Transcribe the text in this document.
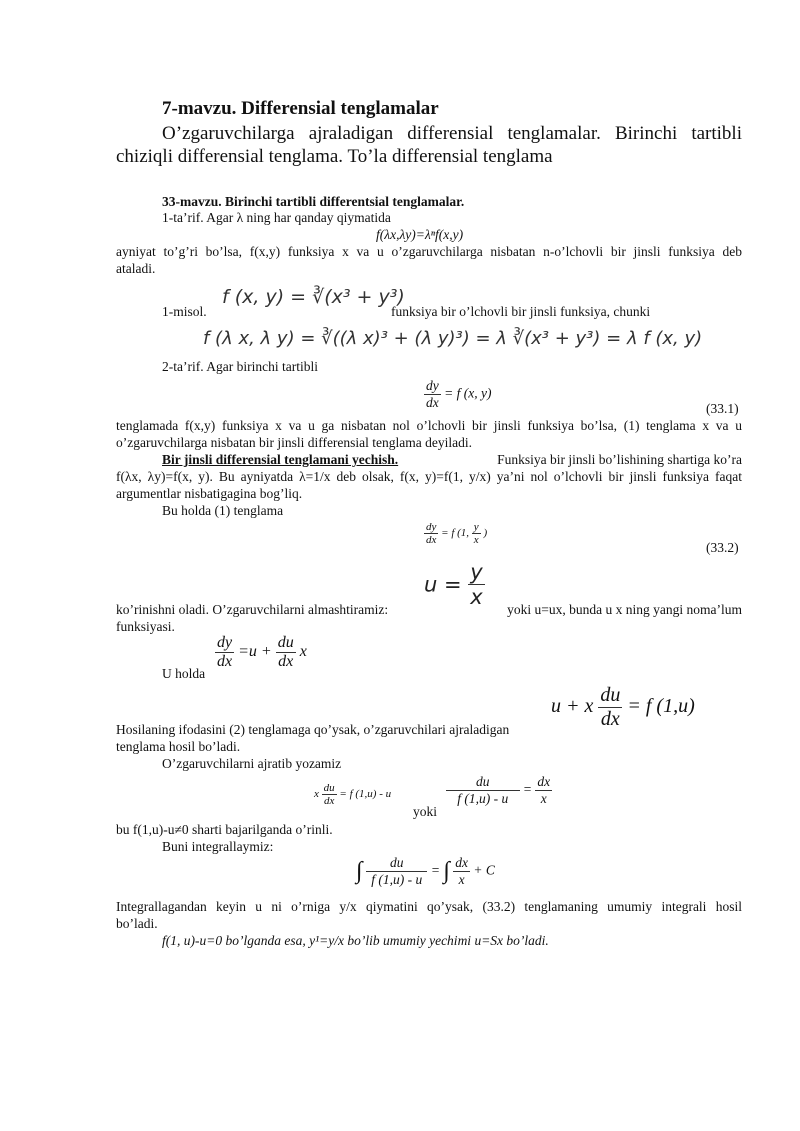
7-mavzu. Differensial tenglamalar
O’zgaruvchilarga ajraladigan differensial tenglamalar. Birinchi tartibli
chiziqli differensial tenglama. To’la differensial tenglama
33-mavzu. Birinchi tartibli differentsial tenglamalar.
1-ta’rif. Agar λ ning har qanday qiymatida
f(λx,λy)=λⁿf(x,y)
ayniyat to’g’ri bo’lsa, f(x,y) funksiya x va u o’zgaruvchilarga nisbatan n-o’lchovli bir jinsli funksiya deb
ataladi.
1-misol.
f (x, y) = ∛(x³ + y³)
funksiya bir o’lchovli bir jinsli funksiya, chunki
f (λ x, λ y) = ∛((λ x)³ + (λ y)³) = λ ∛(x³ + y³) = λ f (x, y)
2-ta’rif. Agar birinchi tartibli
$\frac{dy}{dx} = f$ (x, y)
(33.1)
tenglamada f(x,y) funksiya x va u ga nisbatan nol o’lchovli bir jinsli funksiya bo’lsa, (1) tenglama x va u
o’zgaruvchilarga nisbatan bir jinsli differensial tenglama deyiladi.
Bir jinsli differensial tenglamani yechish.	Funksiya bir jinsli bo’lishining shartiga ko’ra
f(λx, λy)=f(x, y). Bu ayniyatda λ=1/x deb olsak, f(x, y)=f(1, y/x) ya’ni nol o’lchovli bir jinsli funksiya faqat
argumentlar nisbatigagina bog’liq.
Bu holda (1) tenglama
$\frac{dy}{dx} = f$ (1, $\frac{y}{x}$ )
(33.2)
$u = \frac{y}{x}$
ko’rinishni oladi. O’zgaruvchilarni almashtiramiz:	yoki u=ux, bunda u x ning yangi noma’lum
funksiyasi.
U holda
$\frac{dy}{dx} =u + \frac{du}{dx}$ x
u + x $\frac{du}{dx} = f$ (1,u)
Hosilaning ifodasini (2) tenglamaga qo’ysak, o’zgaruvchilari ajraladigan
tenglama hosil bo’ladi.
O’zgaruvchilarni ajratib yozamiz
x $\frac{du}{dx} = f$ (1,u) - u
yoki
$\frac{du}{f (1,u) - u} = \frac{dx}{x}$
bu f(1,u)-u≠0 sharti bajarilganda o’rinli.
Buni integrallaymiz:
∫ $\frac{du}{f (1,u) - u}$ = ∫ $\frac{dx}{x} + C$
Integrallagandan keyin u ni o’rniga y/x qiymatini qo’ysak, (33.2) tenglamaning umumiy integrali hosil
bo’ladi.
f(1, u)-u=0 bo’lganda esa, y¹=y/x bo’lib umumiy yechimi u=Sx bo’ladi.
